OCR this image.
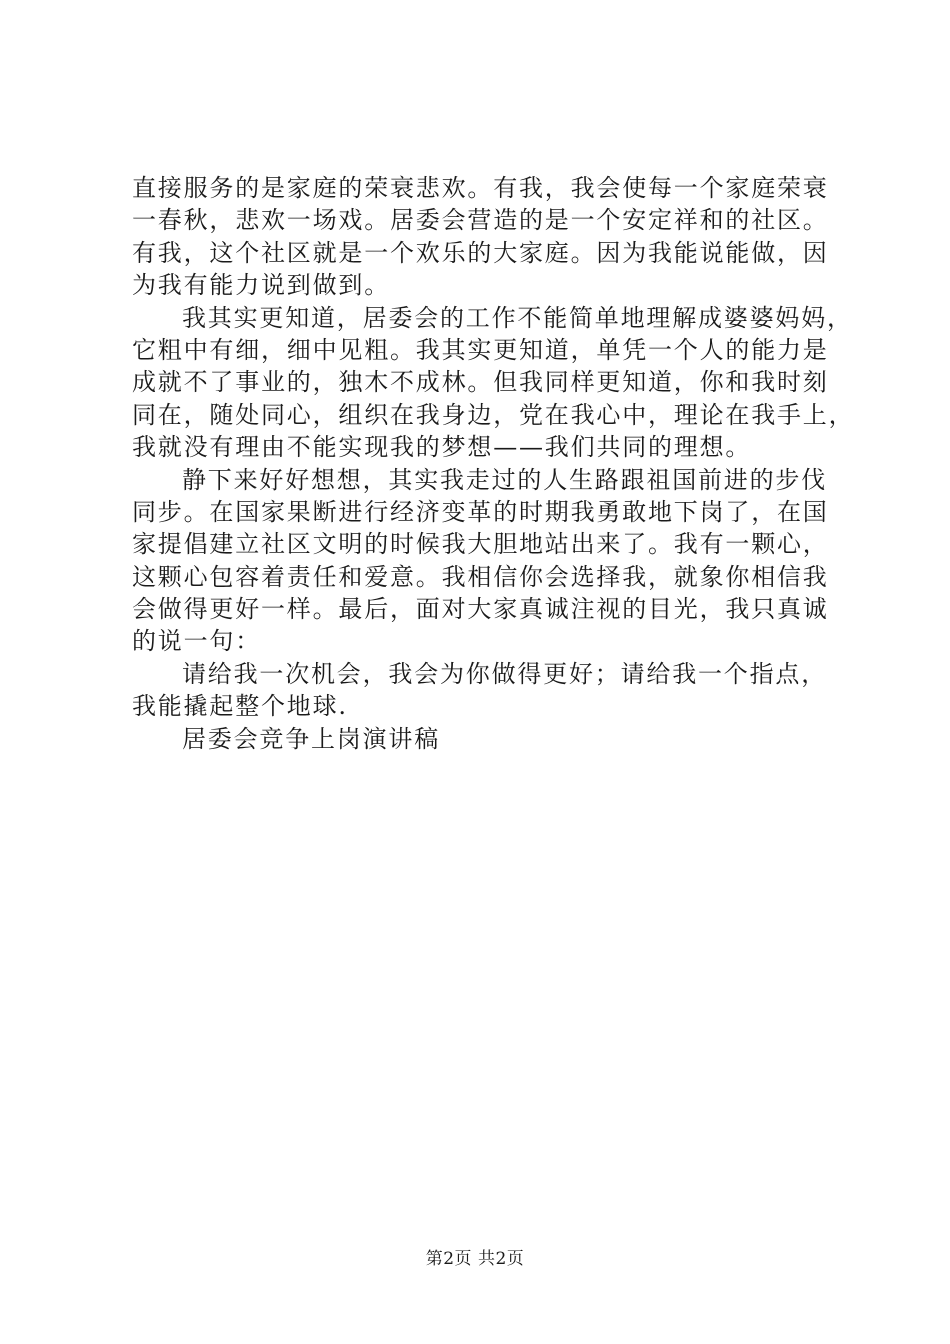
直接服务的是家庭的荣衰悲欢。有我，我会使每一个家庭荣衰
一春秋，悲欢一场戏。居委会营造的是一个安定祥和的社区。
有我，这个社区就是一个欢乐的大家庭。因为我能说能做，因
为我有能力说到做到。
我其实更知道，居委会的工作不能简单地理解成婆婆妈妈，
它粗中有细，细中见粗。我其实更知道，单凭一个人的能力是
成就不了事业的，独木不成林。但我同样更知道，你和我时刻
同在，随处同心，组织在我身边，党在我心中，理论在我手上，
我就没有理由不能实现我的梦想——我们共同的理想。
静下来好好想想，其实我走过的人生路跟祖国前进的步伐
同步。在国家果断进行经济变革的时期我勇敢地下岗了，在国
家提倡建立社区文明的时候我大胆地站出来了。我有一颗心，
这颗心包容着责任和爱意。我相信你会选择我，就象你相信我
会做得更好一样。最后，面对大家真诚注视的目光，我只真诚
的说一句：
请给我一次机会，我会为你做得更好；请给我一个指点，
我能撬起整个地球.
居委会竞争上岗演讲稿
第2页 共2页
